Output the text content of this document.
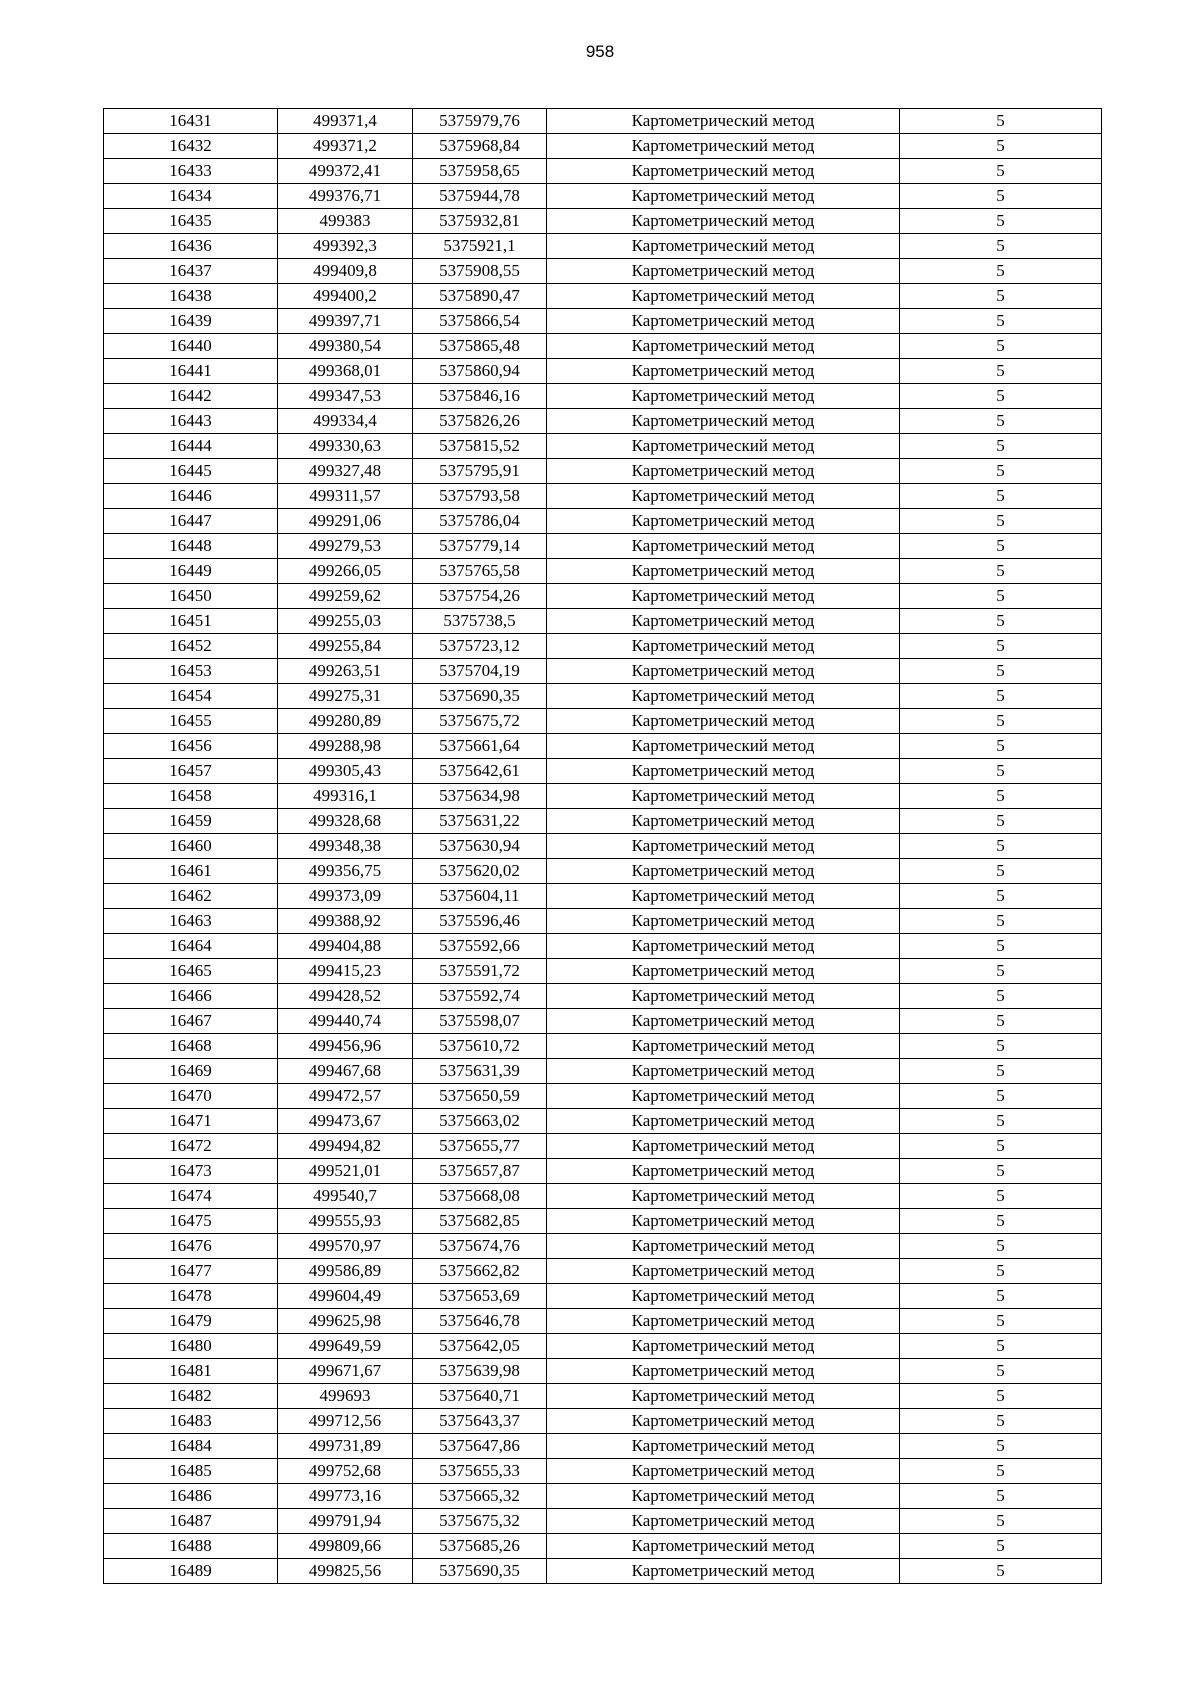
958
16431	499371,4	5375979,76	Картометрический метод	5
16432	499371,2	5375968,84	Картометрический метод	5
16433	499372,41	5375958,65	Картометрический метод	5
16434	499376,71	5375944,78	Картометрический метод	5
16435	499383	5375932,81	Картометрический метод	5
16436	499392,3	5375921,1	Картометрический метод	5
16437	499409,8	5375908,55	Картометрический метод	5
16438	499400,2	5375890,47	Картометрический метод	5
16439	499397,71	5375866,54	Картометрический метод	5
16440	499380,54	5375865,48	Картометрический метод	5
16441	499368,01	5375860,94	Картометрический метод	5
16442	499347,53	5375846,16	Картометрический метод	5
16443	499334,4	5375826,26	Картометрический метод	5
16444	499330,63	5375815,52	Картометрический метод	5
16445	499327,48	5375795,91	Картометрический метод	5
16446	499311,57	5375793,58	Картометрический метод	5
16447	499291,06	5375786,04	Картометрический метод	5
16448	499279,53	5375779,14	Картометрический метод	5
16449	499266,05	5375765,58	Картометрический метод	5
16450	499259,62	5375754,26	Картометрический метод	5
16451	499255,03	5375738,5	Картометрический метод	5
16452	499255,84	5375723,12	Картометрический метод	5
16453	499263,51	5375704,19	Картометрический метод	5
16454	499275,31	5375690,35	Картометрический метод	5
16455	499280,89	5375675,72	Картометрический метод	5
16456	499288,98	5375661,64	Картометрический метод	5
16457	499305,43	5375642,61	Картометрический метод	5
16458	499316,1	5375634,98	Картометрический метод	5
16459	499328,68	5375631,22	Картометрический метод	5
16460	499348,38	5375630,94	Картометрический метод	5
16461	499356,75	5375620,02	Картометрический метод	5
16462	499373,09	5375604,11	Картометрический метод	5
16463	499388,92	5375596,46	Картометрический метод	5
16464	499404,88	5375592,66	Картометрический метод	5
16465	499415,23	5375591,72	Картометрический метод	5
16466	499428,52	5375592,74	Картометрический метод	5
16467	499440,74	5375598,07	Картометрический метод	5
16468	499456,96	5375610,72	Картометрический метод	5
16469	499467,68	5375631,39	Картометрический метод	5
16470	499472,57	5375650,59	Картометрический метод	5
16471	499473,67	5375663,02	Картометрический метод	5
16472	499494,82	5375655,77	Картометрический метод	5
16473	499521,01	5375657,87	Картометрический метод	5
16474	499540,7	5375668,08	Картометрический метод	5
16475	499555,93	5375682,85	Картометрический метод	5
16476	499570,97	5375674,76	Картометрический метод	5
16477	499586,89	5375662,82	Картометрический метод	5
16478	499604,49	5375653,69	Картометрический метод	5
16479	499625,98	5375646,78	Картометрический метод	5
16480	499649,59	5375642,05	Картометрический метод	5
16481	499671,67	5375639,98	Картометрический метод	5
16482	499693	5375640,71	Картометрический метод	5
16483	499712,56	5375643,37	Картометрический метод	5
16484	499731,89	5375647,86	Картометрический метод	5
16485	499752,68	5375655,33	Картометрический метод	5
16486	499773,16	5375665,32	Картометрический метод	5
16487	499791,94	5375675,32	Картометрический метод	5
16488	499809,66	5375685,26	Картометрический метод	5
16489	499825,56	5375690,35	Картометрический метод	5
